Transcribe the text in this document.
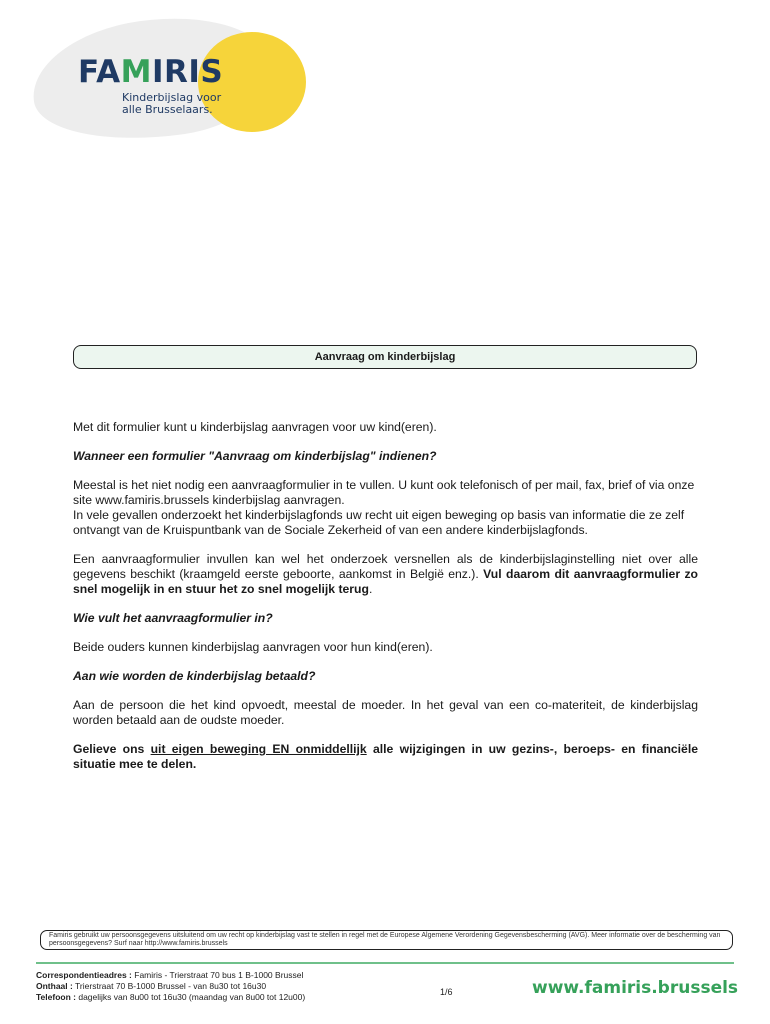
FAMIRIS
Kinderbijslag voor
alle Brusselaars.
Aanvraag om kinderbijslag

Met dit formulier kunt u kinderbijslag aanvragen voor uw kind(eren).

Wanneer een formulier "Aanvraag om kinderbijslag" indienen?

Meestal is het niet nodig een aanvraagformulier in te vullen. U kunt ook telefonisch of per mail, fax, brief of via onze site www.famiris.brussels kinderbijslag aanvragen.

In vele gevallen onderzoekt het kinderbijslagfonds uw recht uit eigen beweging op basis van informatie die ze zelf ontvangt van de Kruispuntbank van de Sociale Zekerheid of van een andere kinderbijslagfonds.

Een aanvraagformulier invullen kan wel het onderzoek versnellen als de kinderbijslaginstelling niet over alle gegevens beschikt (kraamgeld eerste geboorte, aankomst in België enz.). Vul daarom dit aanvraagformulier zo snel mogelijk in en stuur het zo snel mogelijk terug.

Wie vult het aanvraagformulier in?

Beide ouders kunnen kinderbijslag aanvragen voor hun kind(eren).

Aan wie worden de kinderbijslag betaald?

Aan de persoon die het kind opvoedt, meestal de moeder. In het geval van een co-materiteit, de kinderbijslag worden betaald aan de oudste moeder.

Gelieve ons uit eigen beweging EN onmiddellijk alle wijzigingen in uw gezins-, beroeps- en financiële situatie mee te delen.

Famiris gebruikt uw persoonsgegevens uitsluitend om uw recht op kinderbijslag vast te stellen in regel met de Europese Algemene Verordening Gegevensbescherming (AVG). Meer informatie over de bescherming van persoonsgegevens? Surf naar http://www.famiris.brussels
Correspondentieadres : Famiris - Trierstraat 70 bus 1 B-1000 Brussel
Onthaal : Trierstraat 70 B-1000 Brussel - van 8u30 tot 16u30
Telefoon : dagelijks van 8u00 tot 16u30 (maandag van 8u00 tot 12u00)	1/6	www.famiris.brussels
